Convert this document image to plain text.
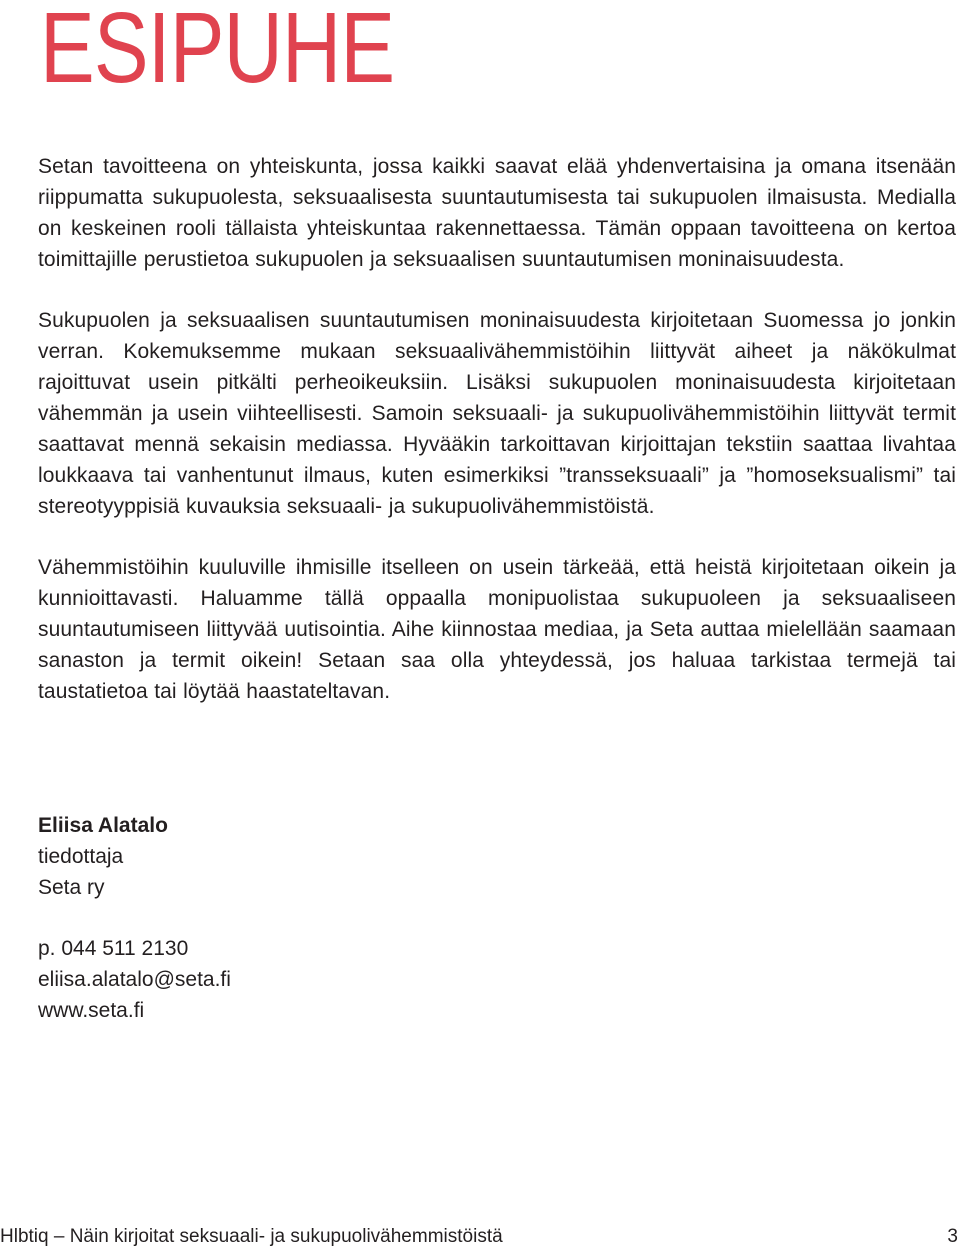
ESIPUHE

Setan tavoitteena on yhteiskunta, jossa kaikki saavat elää yhdenvertaisina ja omana itsenään riippumatta sukupuolesta, seksuaalisesta suuntautumisesta tai sukupuolen ilmaisusta. Medialla on keskeinen rooli tällaista yhteiskuntaa rakennettaessa. Tämän oppaan tavoitteena on kertoa toimittajille perustietoa sukupuolen ja seksuaalisen suuntautumisen moninaisuudesta.

Sukupuolen ja seksuaalisen suuntautumisen moninaisuudesta kirjoitetaan Suomessa jo jonkin verran. Kokemuksemme mukaan seksuaalivähemmistöihin liittyvät aiheet ja näkökulmat rajoittuvat usein pitkälti perheoikeuksiin. Lisäksi sukupuolen moninaisuudesta kirjoitetaan vähemmän ja usein viihteellisesti. Samoin seksuaali- ja sukupuolivähemmistöihin liittyvät termit saattavat mennä sekaisin mediassa. Hyvääkin tarkoittavan kirjoittajan tekstiin saattaa livahtaa loukkaava tai vanhentunut ilmaus, kuten esimerkiksi ”transseksuaali” ja ”homoseksualismi” tai stereotyyppisiä kuvauksia seksuaali- ja sukupuolivähemmistöistä.

Vähemmistöihin kuuluville ihmisille itselleen on usein tärkeää, että heistä kirjoitetaan oikein ja kunnioittavasti. Haluamme tällä oppaalla monipuolistaa sukupuoleen ja seksuaaliseen suuntautumiseen liittyvää uutisointia. Aihe kiinnostaa mediaa, ja Seta auttaa mielellään saamaan sanaston ja termit oikein! Setaan saa olla yhteydessä, jos haluaa tarkistaa termejä tai taustatietoa tai löytää haastateltavan.

Eliisa Alatalo
tiedottaja
Seta ry
p. 044 511 2130
eliisa.alatalo@seta.fi
www.seta.fi
Hlbtiq – Näin kirjoitat seksuaali- ja sukupuolivähemmistöistä	3
